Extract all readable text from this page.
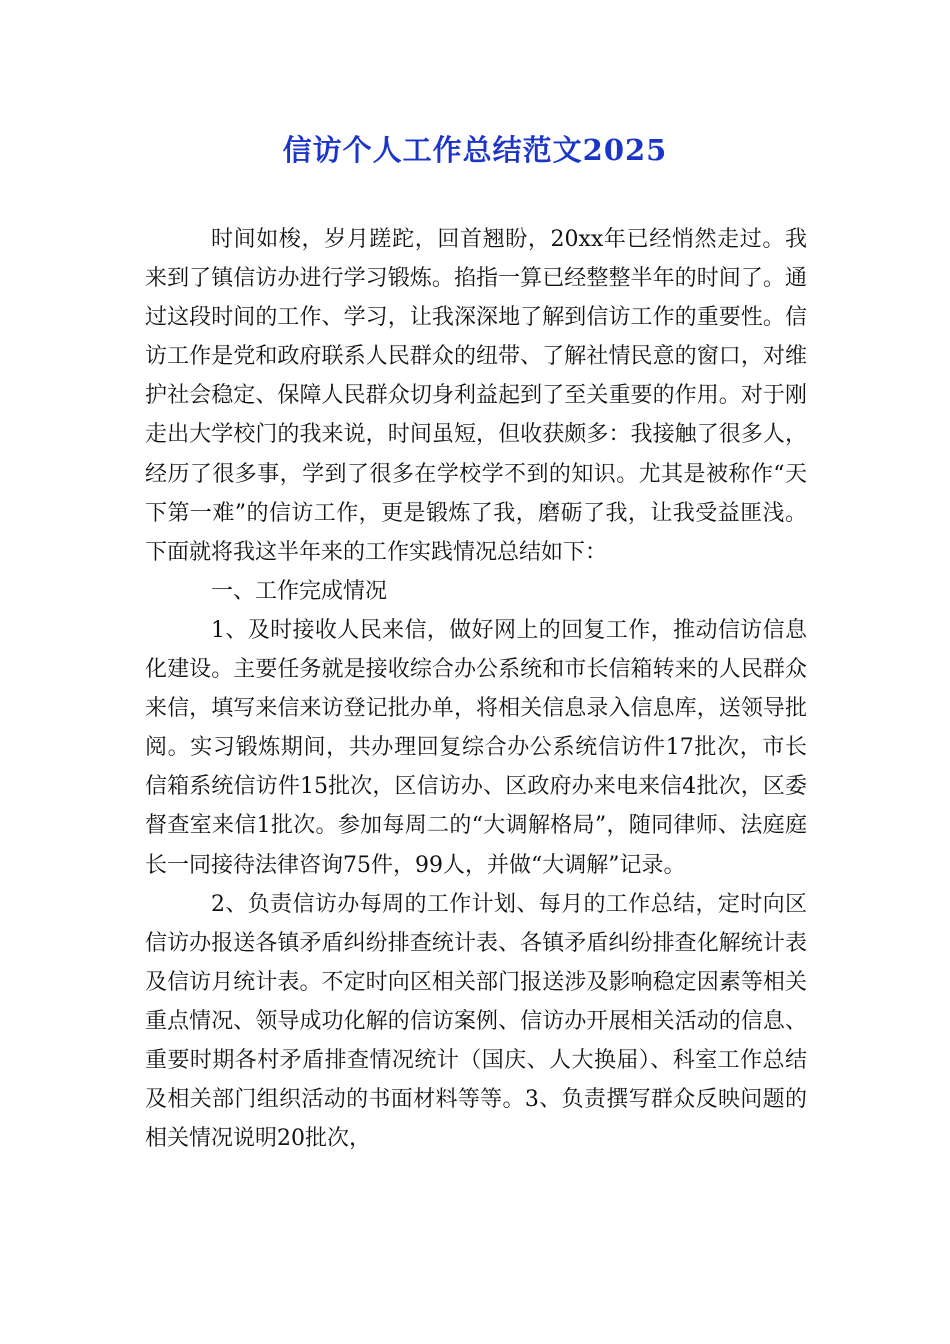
信访个人工作总结范文2025

时间如梭，岁月蹉跎，回首翘盼，20xx年已经悄然走过。我来到了镇信访办进行学习锻炼。掐指一算已经整整半年的时间了。通过这段时间的工作、学习，让我深深地了解到信访工作的重要性。信访工作是党和政府联系人民群众的纽带、了解社情民意的窗口，对维护社会稳定、保障人民群众切身利益起到了至关重要的作用。对于刚走出大学校门的我来说，时间虽短，但收获颇多：我接触了很多人，经历了很多事，学到了很多在学校学不到的知识。尤其是被称作“天下第一难”的信访工作，更是锻炼了我，磨砺了我，让我受益匪浅。下面就将我这半年来的工作实践情况总结如下：

一、工作完成情况

1、及时接收人民来信，做好网上的回复工作，推动信访信息化建设。主要任务就是接收综合办公系统和市长信箱转来的人民群众来信，填写来信来访登记批办单，将相关信息录入信息库，送领导批阅。实习锻炼期间，共办理回复综合办公系统信访件17批次，市长信箱系统信访件15批次，区信访办、区政府办来电来信4批次，区委督查室来信1批次。参加每周二的“大调解格局”，随同律师、法庭庭长一同接待法律咨询75件，99人，并做“大调解”记录。

2、负责信访办每周的工作计划、每月的工作总结，定时向区信访办报送各镇矛盾纠纷排查统计表、各镇矛盾纠纷排查化解统计表及信访月统计表。不定时向区相关部门报送涉及影响稳定因素等相关重点情况、领导成功化解的信访案例、信访办开展相关活动的信息、重要时期各村矛盾排查情况统计（国庆、人大换届）、科室工作总结及相关部门组织活动的书面材料等等。3、负责撰写群众反映问题的相关情况说明20批次，
